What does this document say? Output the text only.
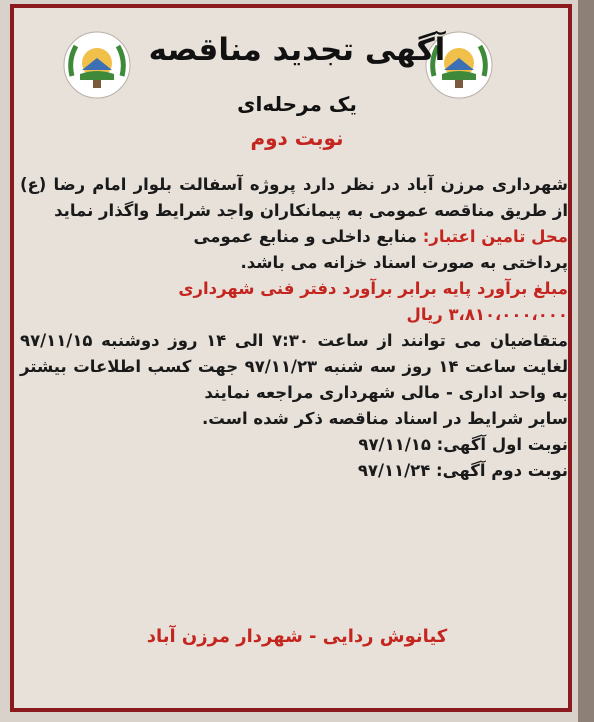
آگهی تجدید مناقصه
یک مرحله‌ای
نوبت دوم

شهرداری مرزن آباد در نظر دارد پروژه آسفالت بلوار امام رضا (ع) از طریق مناقصه عمومی به پیمانکاران واجد شرایط واگذار نماید

محل تامین اعتبار: منابع داخلی و منابع عمومی

پرداختی به صورت اسناد خزانه می باشد.

مبلغ برآورد پایه برابر برآورد دفتر فنی شهرداری

۳،۸۱۰،۰۰۰،۰۰۰ ریال

متقاضیان می توانند از ساعت ۷:۳۰ الی ۱۴ روز دوشنبه ۹۷/۱۱/۱۵ لغایت ساعت ۱۴ روز سه شنبه ۹۷/۱۱/۲۳ جهت کسب اطلاعات بیشتر به واحد اداری - مالی شهرداری مراجعه نمایند

سایر شرایط در اسناد مناقصه ذکر شده است.

نوبت اول آگهی: ۹۷/۱۱/۱۵

نوبت دوم آگهی: ۹۷/۱۱/۲۴

کیانوش ردایی - شهردار مرزن آباد
